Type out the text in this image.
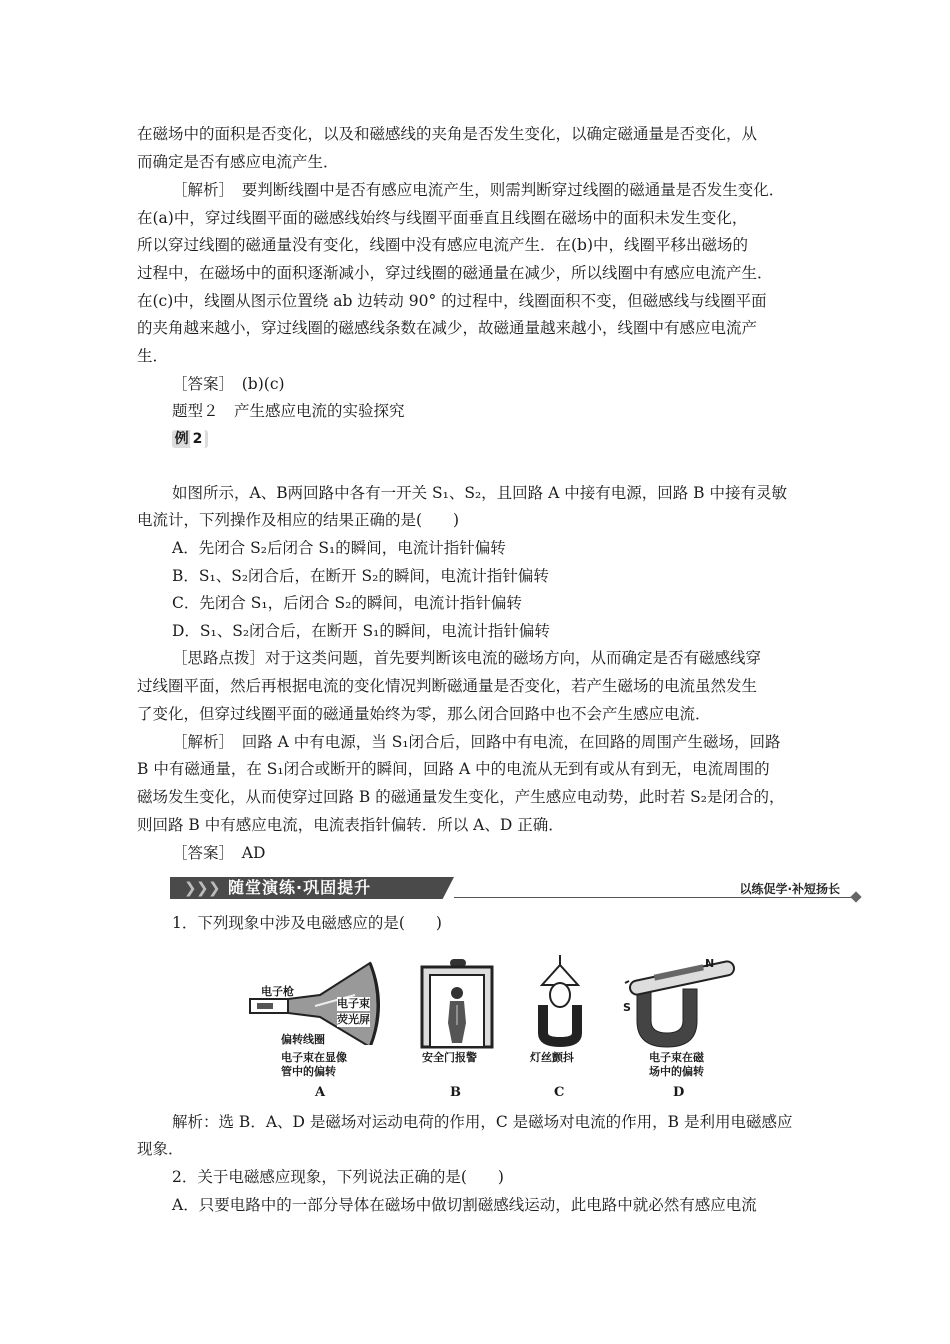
在磁场中的面积是否变化，以及和磁感线的夹角是否发生变化，以确定磁通量是否变化，从
而确定是否有感应电流产生．
［解析］　要判断线圈中是否有感应电流产生，则需判断穿过线圈的磁通量是否发生变化．
在(a)中，穿过线圈平面的磁感线始终与线圈平面垂直且线圈在磁场中的面积未发生变化，
所以穿过线圈的磁通量没有变化，线圈中没有感应电流产生．在(b)中，线圈平移出磁场的
过程中，在磁场中的面积逐渐减小，穿过线圈的磁通量在减少，所以线圈中有感应电流产生．
在(c)中，线圈从图示位置绕 ab 边转动 90° 的过程中，线圈面积不变，但磁感线与线圈平面
的夹角越来越小，穿过线圈的磁感线条数在减少，故磁通量越来越小，线圈中有感应电流产
生．
［答案］　(b)(c)
题型２　产生感应电流的实验探究
例 2
如图所示，A、B两回路中各有一开关 S₁、S₂，且回路 A 中接有电源，回路 B 中接有灵敏
电流计，下列操作及相应的结果正确的是(　　)
A．先闭合 S₂后闭合 S₁的瞬间，电流计指针偏转
B．S₁、S₂闭合后，在断开 S₂的瞬间，电流计指针偏转
C．先闭合 S₁，后闭合 S₂的瞬间，电流计指针偏转
D．S₁、S₂闭合后，在断开 S₁的瞬间，电流计指针偏转
［思路点拨］对于这类问题，首先要判断该电流的磁场方向，从而确定是否有磁感线穿
过线圈平面，然后再根据电流的变化情况判断磁通量是否变化，若产生磁场的电流虽然发生
了变化，但穿过线圈平面的磁通量始终为零，那么闭合回路中也不会产生感应电流．
［解析］　回路 A 中有电源，当 S₁闭合后，回路中有电流，在回路的周围产生磁场，回路
B 中有磁通量，在 S₁闭合或断开的瞬间，回路 A 中的电流从无到有或从有到无，电流周围的
磁场发生变化，从而使穿过回路 B 的磁通量发生变化，产生感应电动势，此时若 S₂是闭合的，
则回路 B 中有感应电流，电流表指针偏转．所以 A、D 正确．
［答案］　AD
❯ ❯ ❯ 随堂演练·巩固提升	以练促学·补短扬长
1．下列现象中涉及电磁感应的是(　　)
电子枪
电子束
荧光屏
偏转线圈
电子束在显像
管中的偏转
A
安全门报警
B
灯丝颤抖
C
N
S
电子束在磁
场中的偏转
D
解析：选 B．A、D 是磁场对运动电荷的作用，C 是磁场对电流的作用，B 是利用电磁感应
现象．
2．关于电磁感应现象，下列说法正确的是(　　)
A．只要电路中的一部分导体在磁场中做切割磁感线运动，此电路中就必然有感应电流
